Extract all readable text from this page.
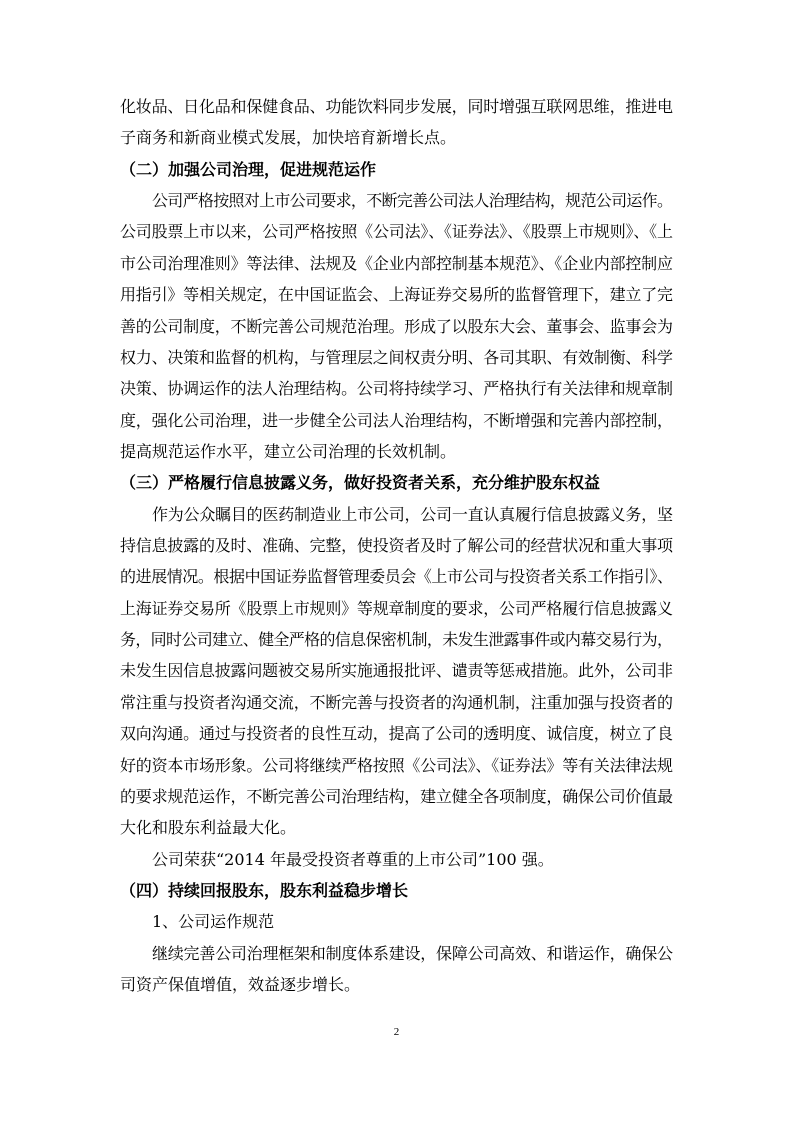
化妆品、日化品和保健食品、功能饮料同步发展，同时增强互联网思维，推进电
子商务和新商业模式发展，加快培育新增长点。
（二）加强公司治理，促进规范运作
公司严格按照对上市公司要求，不断完善公司法人治理结构，规范公司运作。
公司股票上市以来，公司严格按照《公司法》、《证券法》、《股票上市规则》、《上
市公司治理准则》等法律、法规及《企业内部控制基本规范》、《企业内部控制应
用指引》等相关规定，在中国证监会、上海证券交易所的监督管理下，建立了完
善的公司制度，不断完善公司规范治理。形成了以股东大会、董事会、监事会为
权力、决策和监督的机构，与管理层之间权责分明、各司其职、有效制衡、科学
决策、协调运作的法人治理结构。公司将持续学习、严格执行有关法律和规章制
度，强化公司治理，进一步健全公司法人治理结构，不断增强和完善内部控制，
提高规范运作水平，建立公司治理的长效机制。
（三）严格履行信息披露义务，做好投资者关系，充分维护股东权益
作为公众瞩目的医药制造业上市公司，公司一直认真履行信息披露义务，坚
持信息披露的及时、准确、完整，使投资者及时了解公司的经营状况和重大事项
的进展情况。根据中国证券监督管理委员会《上市公司与投资者关系工作指引》、
上海证券交易所《股票上市规则》等规章制度的要求，公司严格履行信息披露义
务，同时公司建立、健全严格的信息保密机制，未发生泄露事件或内幕交易行为，
未发生因信息披露问题被交易所实施通报批评、谴责等惩戒措施。此外，公司非
常注重与投资者沟通交流，不断完善与投资者的沟通机制，注重加强与投资者的
双向沟通。通过与投资者的良性互动，提高了公司的透明度、诚信度，树立了良
好的资本市场形象。公司将继续严格按照《公司法》、《证券法》等有关法律法规
的要求规范运作，不断完善公司治理结构，建立健全各项制度，确保公司价值最
大化和股东利益最大化。
公司荣获“2014 年最受投资者尊重的上市公司”100 强。
（四）持续回报股东，股东利益稳步增长
1、公司运作规范
继续完善公司治理框架和制度体系建设，保障公司高效、和谐运作，确保公
司资产保值增值，效益逐步增长。
2
